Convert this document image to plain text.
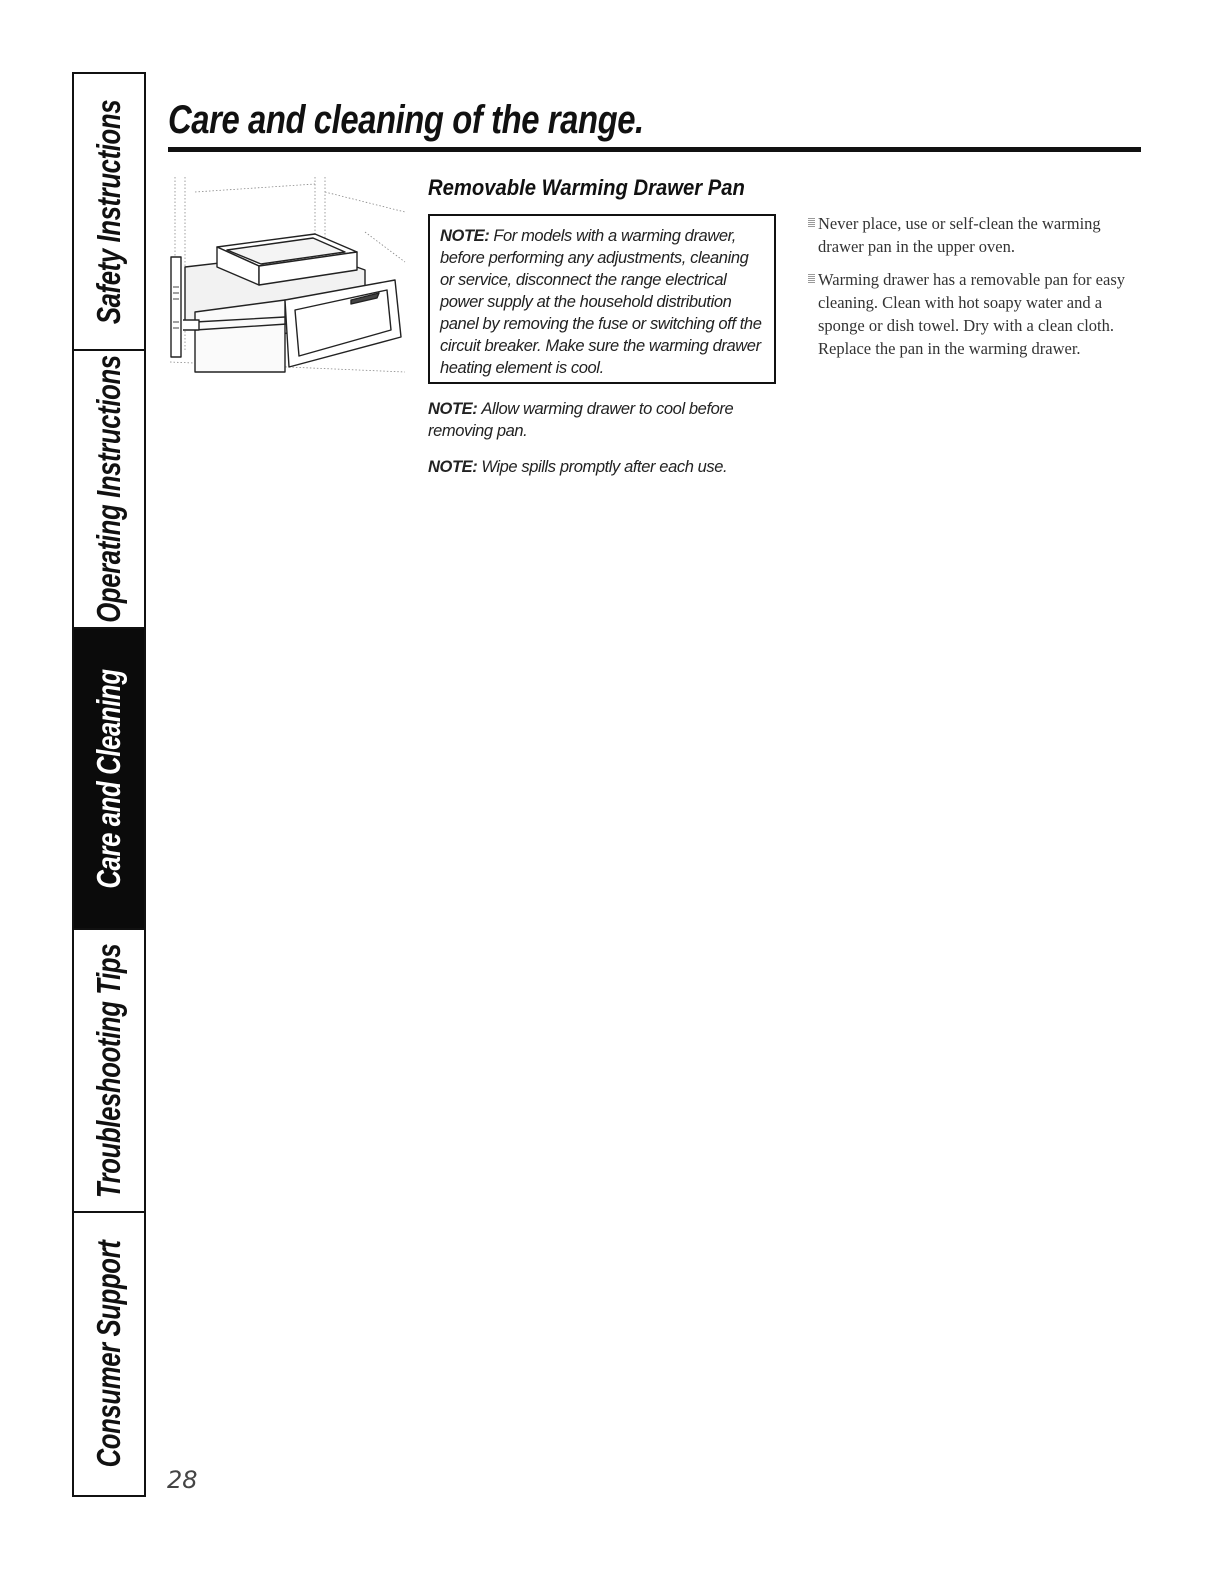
Safety Instructions
Operating Instructions
Care and Cleaning
Troubleshooting Tips
Consumer Support
Care and cleaning of the range.
Removable Warming Drawer Pan

NOTE: For models with a warming drawer, before performing any adjustments, cleaning or service, disconnect the range electrical power supply at the household distribution panel by removing the fuse or switching off the circuit breaker. Make sure the warming drawer heating element is cool.

NOTE: Allow warming drawer to cool before removing pan.

NOTE: Wipe spills promptly after each use.

Never place, use or self-clean the warming drawer pan in the upper oven.
Warming drawer has a removable pan for easy cleaning. Clean with hot soapy water and a sponge or dish towel. Dry with a clean cloth. Replace the pan in the warming drawer.
28
